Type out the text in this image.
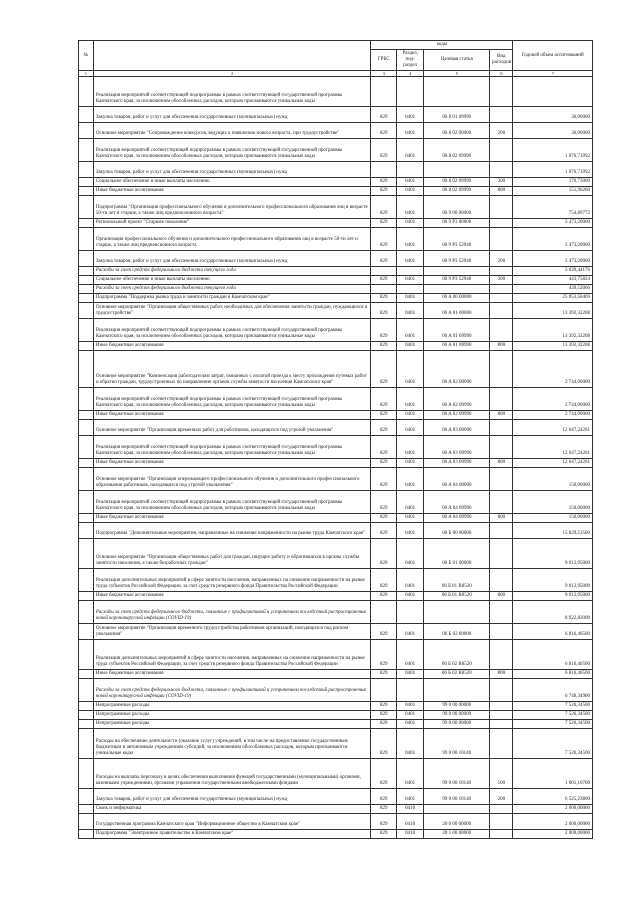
№		коды				Годовой объем ассигнований
		ГРБС	Раздел, под-раздел	Целевая статья	Вид расходов	
1	2	3	4	5	6	7
	Реализация мероприятий соответствующей подпрограммы в рамках соответствующей государственной программы Камчатского края, за исключением обособленных расходов, которым присваиваются уникальные коды					
	Закупка товаров, работ и услуг для обеспечения государственных (муниципальных) нужд	829	0401	06 8 01 09990		36,00000
	Основное мероприятие "Сопровождение конкурсов, ведущих к появлению нового возраста, при трудоустройстве"	829	0401	06 8 02 00000	200	36,00000
	Реализация мероприятий соответствующей подпрограммы в рамках соответствующей государственной программы Камчатского края, за исключением обособленных расходов, которым присваиваются уникальные коды	829	0401	06 8 02 09990		1 076,71092
	Закупка товаров, работ и услуг для обеспечения государственных (муниципальных) нужд					1 076,71092
	Социальное обеспечение и иные выплаты населению	829	0401	06 8 02 09990	300	170,73060
	Иные бюджетные ассигнования	829	0401	06 8 02 09990	800	151,96260
	Подпрограмма "Организация профессионального обучения и дополнительного профессионального образования лиц в возрасте 50-ти лет и старше, а также лиц предпенсионного возраста"	829	0401	06 9 00 00000		754,89772
	Региональный проект "Старшее поколение"	829	0401	06 9 P3 00000		3 473,20000
	Организация профессионального обучения и дополнительного профессионального образования лиц в возрасте 50-ти лет и старше, а также лиц предпенсионного возраста	829	0401	06 9 P3 52940		3 473,20000
	Закупка товаров, работ и услуг для обеспечения государственных (муниципальных) нужд	829	0401	06 9 P3 52940	200	3 473,20000
	Расходы за счет средств федерального бюджета текущего года					3 029,44176
	Социальное обеспечение и иные выплаты населению	829	0401	06 9 P3 52940	300	443,75824
	Расходы за счет средств федерального бюджета текущего года					439,52066
	Подпрограмма "Поддержка рынка труда и занятости граждан в Камчатском крае"	829	0401	06 A 00 00000		25 953,56469
	Основное мероприятие "Организация общественных работ, необходимых для обеспечения занятости граждан, нуждающихся в трудоустройстве"	829	0401	06 A 01 00000		13 392,32208
	Реализация мероприятий соответствующей подпрограммы в рамках соответствующей государственной программы Камчатского края, за исключением обособленных расходов, которым присваиваются уникальные коды	829	0401	06 A 01 09990		13 392,32208
	Иные бюджетные ассигнования	829	0401	06 A 01 09990	800	13 392,32208
	Основное мероприятие "Компенсация работодателям затрат, связанных с оплатой проезда к месту прохождения путевых работ и обратно граждан, трудоустроенных по направлению органов службы занятости населения Камчатского края"	829	0401	06 A 02 00000		2 744,00000
	Реализация мероприятий соответствующей подпрограммы в рамках соответствующей государственной программы Камчатского края, за исключением обособленных расходов, которым присваиваются уникальные коды	829	0401	06 A 02 09990		2 744,00000
	Иные бюджетные ассигнования	829	0401	06 A 02 09990	800	2 744,00000
	Основное мероприятие "Организация временных работ для работников, находящихся под угрозой увольнения"	829	0401	06 A 03 00000		12 647,24261
	Реализация мероприятий соответствующей подпрограммы в рамках соответствующей государственной программы Камчатского края, за исключением обособленных расходов, которым присваиваются уникальные коды	829	0401	06 A 03 09990		12 647,24261
	Иные бюджетные ассигнования	829	0401	06 A 03 09990	800	12 647,24261
	Основное мероприятие "Организация опережающего профессионального обучения и дополнительного профессионального образования работников, находящихся под угрозой увольнения"	829	0401	06 A 04 00000		150,00000
	Реализация мероприятий соответствующей подпрограммы в рамках соответствующей государственной программы Камчатского края, за исключением обособленных расходов, которым присваиваются уникальные коды	829	0401	06 A 04 09990		150,00000
	Иные бюджетные ассигнования	829	0401	06 A 04 09990	800	150,00000
	Подпрограмма "Дополнительные мероприятия, направленные на снижение напряженности на рынке труда Камчатского края"	829	0401	06 Б 00 00000		15 829,53500
	Основное мероприятие "Организация общественных работ для граждан, ищущих работу и обратившихся в органы службы занятости населения, а также безработных граждан"	829	0401	06 Б 01 00000		9 012,95000
	Реализация дополнительных мероприятий в сфере занятости населения, направленных на снижение напряженности на рынке труда субъектов Российской Федерации, за счет средств резервного фонда Правительства Российской Федерации	829	0401	06 Б 01 R8520		9 012,95000
	Иные бюджетные ассигнования	829	0401	06 Б 01 R8520	800	9 012,95000
	Расходы за счет средств федерального бюджета, связанные с профилактикой и устранением последствий распространения новой коронавирусной инфекции (COVID-19)					8 922,82000
	Основное мероприятие "Организация временного трудоустройства работников организаций, находящихся под риском увольнения"	829	0401	06 Б 02 00000		6 816,46500
	Реализация дополнительных мероприятий в сфере занятости населения, направленных на снижение напряженности на рынке труда субъектов Российской Федерации, за счет средств резервного фонда Правительства Российской Федерации	829	0401	06 Б 02 R8520		6 816,46500
	Иные бюджетные ассигнования	829	0401	06 Б 02 R8520	800	6 816,46500
	Расходы за счет средств федерального бюджета, связанные с профилактикой и устранением последствий распространения новой коронавирусной инфекции (COVID-19)					6 748,34900
	Непрограммные расходы	829	0401	99 0 00 00000		7 526,34500
	Непрограммные расходы	829	0401	99 0 00 00000		7 526,34500
	Непрограммные расходы	829	0401	99 0 00 00000		7 526,34500
	Расходы на обеспечение деятельности (оказание услуг) учреждений, в том числе на предоставление государственным бюджетным и автономным учреждениям субсидий, за исключением обособленных расходов, которым присваиваются уникальные коды	829	0401	99 0 00 10140		7 526,34500
	Расходы на выплаты персоналу в целях обеспечения выполнения функций государственными (муниципальными) органами, казенными учреждениями, органами управления государственными внебюджетными фондами	829	0401	99 0 00 10140	100	1 001,10700
	Закупка товаров, работ и услуг для обеспечения государственных (муниципальных) нужд	829	0401	99 0 00 10140	200	6 525,23800
	Связь и информатика	829	0410			2 000,00000
	Государственная программа Камчатского края "Информационное общество в Камчатском крае"	829	0410	20 0 00 00000		2 000,00000
	Подпрограмма "Электронное правительство в Камчатском крае"	829	0410	20 1 00 00000		2 000,00000
